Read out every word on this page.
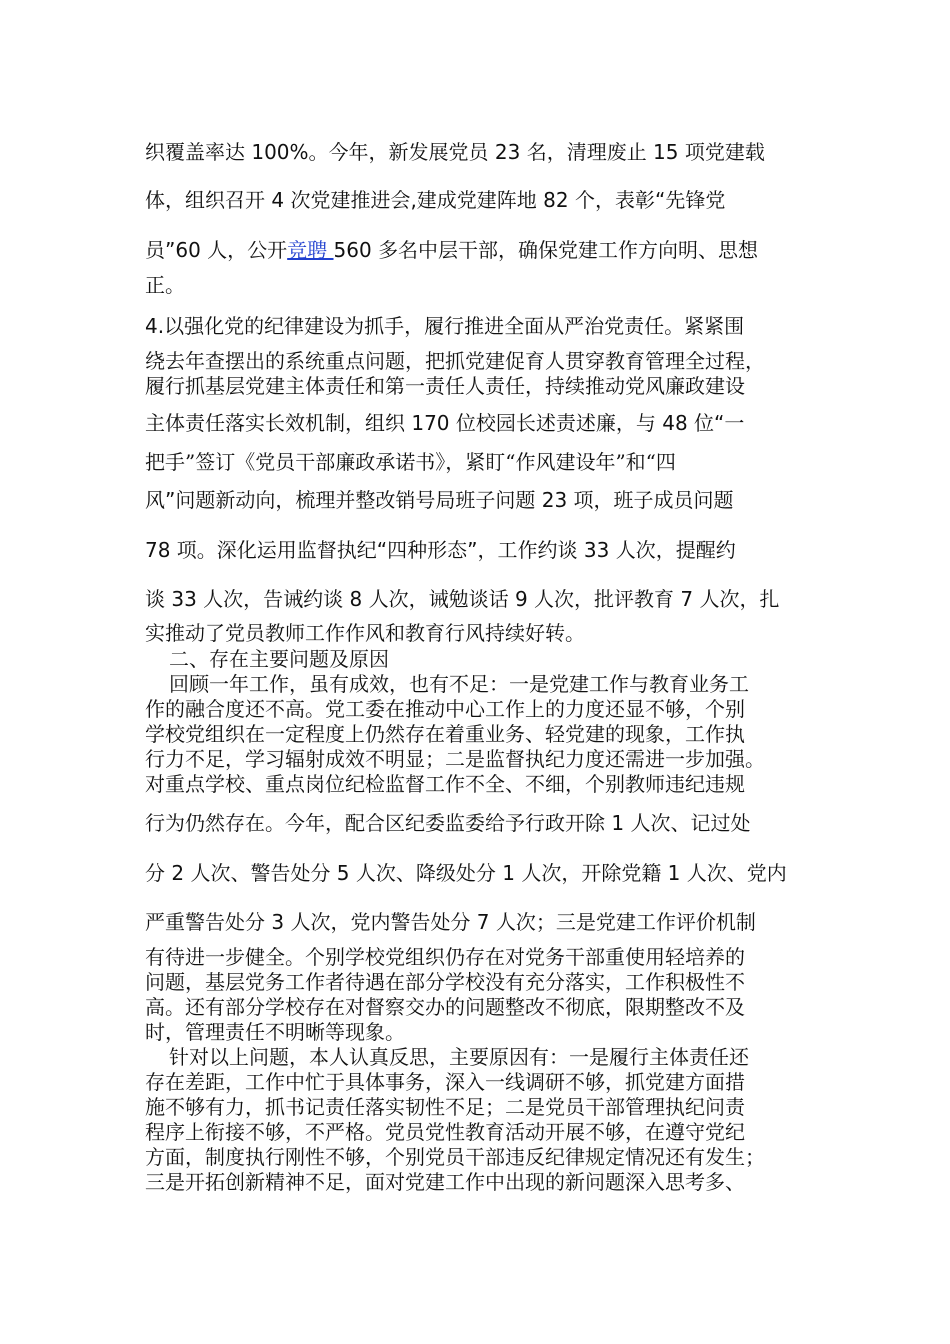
织覆盖率达 100%。今年，新发展党员 23 名，清理废止 15 项党建载
体，组织召开 4 次党建推进会,建成党建阵地 82 个，表彰“先锋党
员”60 人，公开竞聘 560 多名中层干部，确保党建工作方向明、思想
正。
4.以强化党的纪律建设为抓手，履行推进全面从严治党责任。紧紧围
绕去年查摆出的系统重点问题，把抓党建促育人贯穿教育管理全过程，
履行抓基层党建主体责任和第一责任人责任，持续推动党风廉政建设
主体责任落实长效机制，组织 170 位校园长述责述廉，与 48 位“一
把手”签订《党员干部廉政承诺书》，紧盯“作风建设年”和“四
风”问题新动向，梳理并整改销号局班子问题 23 项，班子成员问题
78 项。深化运用监督执纪“四种形态”，工作约谈 33 人次，提醒约
谈 33 人次，告诫约谈 8 人次，诫勉谈话 9 人次，批评教育 7 人次，扎
实推动了党员教师工作作风和教育行风持续好转。
二、存在主要问题及原因
回顾一年工作，虽有成效，也有不足：一是党建工作与教育业务工
作的融合度还不高。党工委在推动中心工作上的力度还显不够，个别
学校党组织在一定程度上仍然存在着重业务、轻党建的现象，工作执
行力不足，学习辐射成效不明显；二是监督执纪力度还需进一步加强。
对重点学校、重点岗位纪检监督工作不全、不细，个别教师违纪违规
行为仍然存在。今年，配合区纪委监委给予行政开除 1 人次、记过处
分 2 人次、警告处分 5 人次、降级处分 1 人次，开除党籍 1 人次、党内
严重警告处分 3 人次，党内警告处分 7 人次；三是党建工作评价机制
有待进一步健全。个别学校党组织仍存在对党务干部重使用轻培养的
问题，基层党务工作者待遇在部分学校没有充分落实，工作积极性不
高。还有部分学校存在对督察交办的问题整改不彻底，限期整改不及
时，管理责任不明晰等现象。
针对以上问题，本人认真反思，主要原因有：一是履行主体责任还
存在差距，工作中忙于具体事务，深入一线调研不够，抓党建方面措
施不够有力，抓书记责任落实韧性不足；二是党员干部管理执纪问责
程序上衔接不够，不严格。党员党性教育活动开展不够，在遵守党纪
方面，制度执行刚性不够，个别党员干部违反纪律规定情况还有发生；
三是开拓创新精神不足，面对党建工作中出现的新问题深入思考多、
